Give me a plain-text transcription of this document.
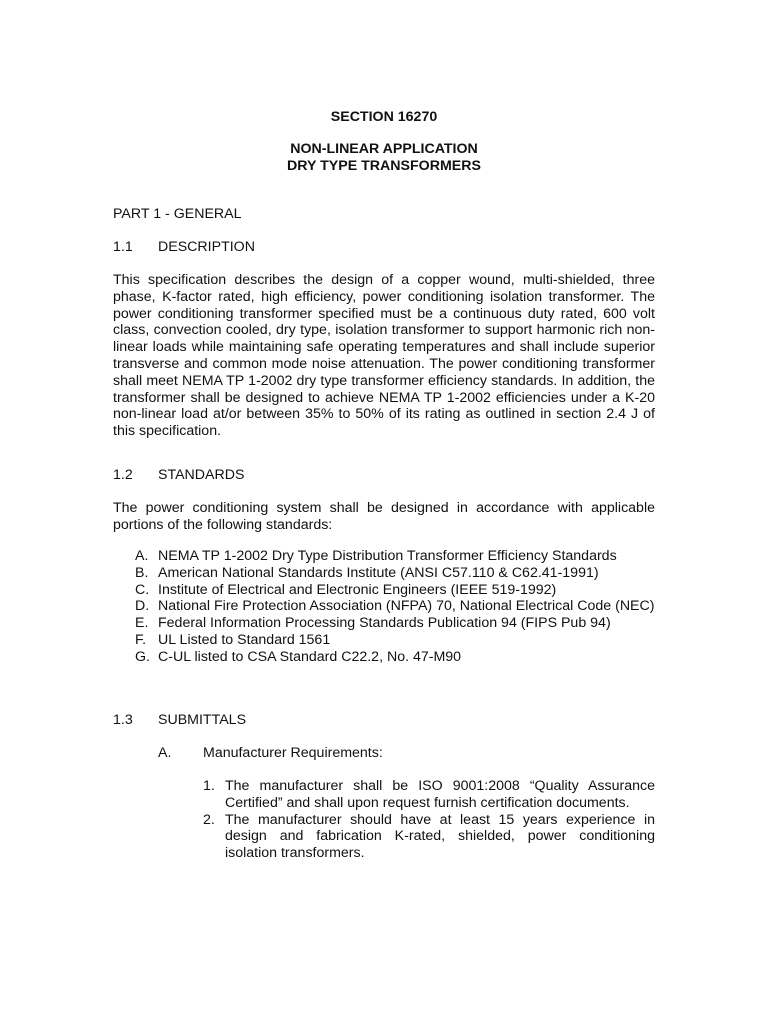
SECTION 16270
NON-LINEAR APPLICATION
DRY TYPE TRANSFORMERS
PART 1 - GENERAL
1.1 DESCRIPTION

This specification describes the design of a copper wound, multi-shielded, three phase, K-factor rated, high efficiency, power conditioning isolation transformer. The power conditioning transformer specified must be a continuous duty rated, 600 volt class, convection cooled, dry type, isolation transformer to support harmonic rich non-linear loads while maintaining safe operating temperatures and shall include superior transverse and common mode noise attenuation. The power conditioning transformer shall meet NEMA TP 1-2002 dry type transformer efficiency standards. In addition, the transformer shall be designed to achieve NEMA TP 1-2002 efficiencies under a K-20 non-linear load at/or between 35% to 50% of its rating as outlined in section 2.4 J of this specification.

1.2 STANDARDS

The power conditioning system shall be designed in accordance with applicable portions of the following standards:

A. NEMA TP 1-2002 Dry Type Distribution Transformer Efficiency Standards
B. American National Standards Institute (ANSI C57.110 & C62.41-1991)
C. Institute of Electrical and Electronic Engineers (IEEE 519-1992)
D. National Fire Protection Association (NFPA) 70, National Electrical Code (NEC)
E. Federal Information Processing Standards Publication 94 (FIPS Pub 94)
F. UL Listed to Standard 1561
G. C-UL listed to CSA Standard C22.2, No. 47-M90
1.3 SUBMITTALS
A. Manufacturer Requirements:
1. The manufacturer shall be ISO 9001:2008 “Quality Assurance Certified” and shall upon request furnish certification documents.
2. The manufacturer should have at least 15 years experience in design and fabrication K-rated, shielded, power conditioning isolation transformers.
